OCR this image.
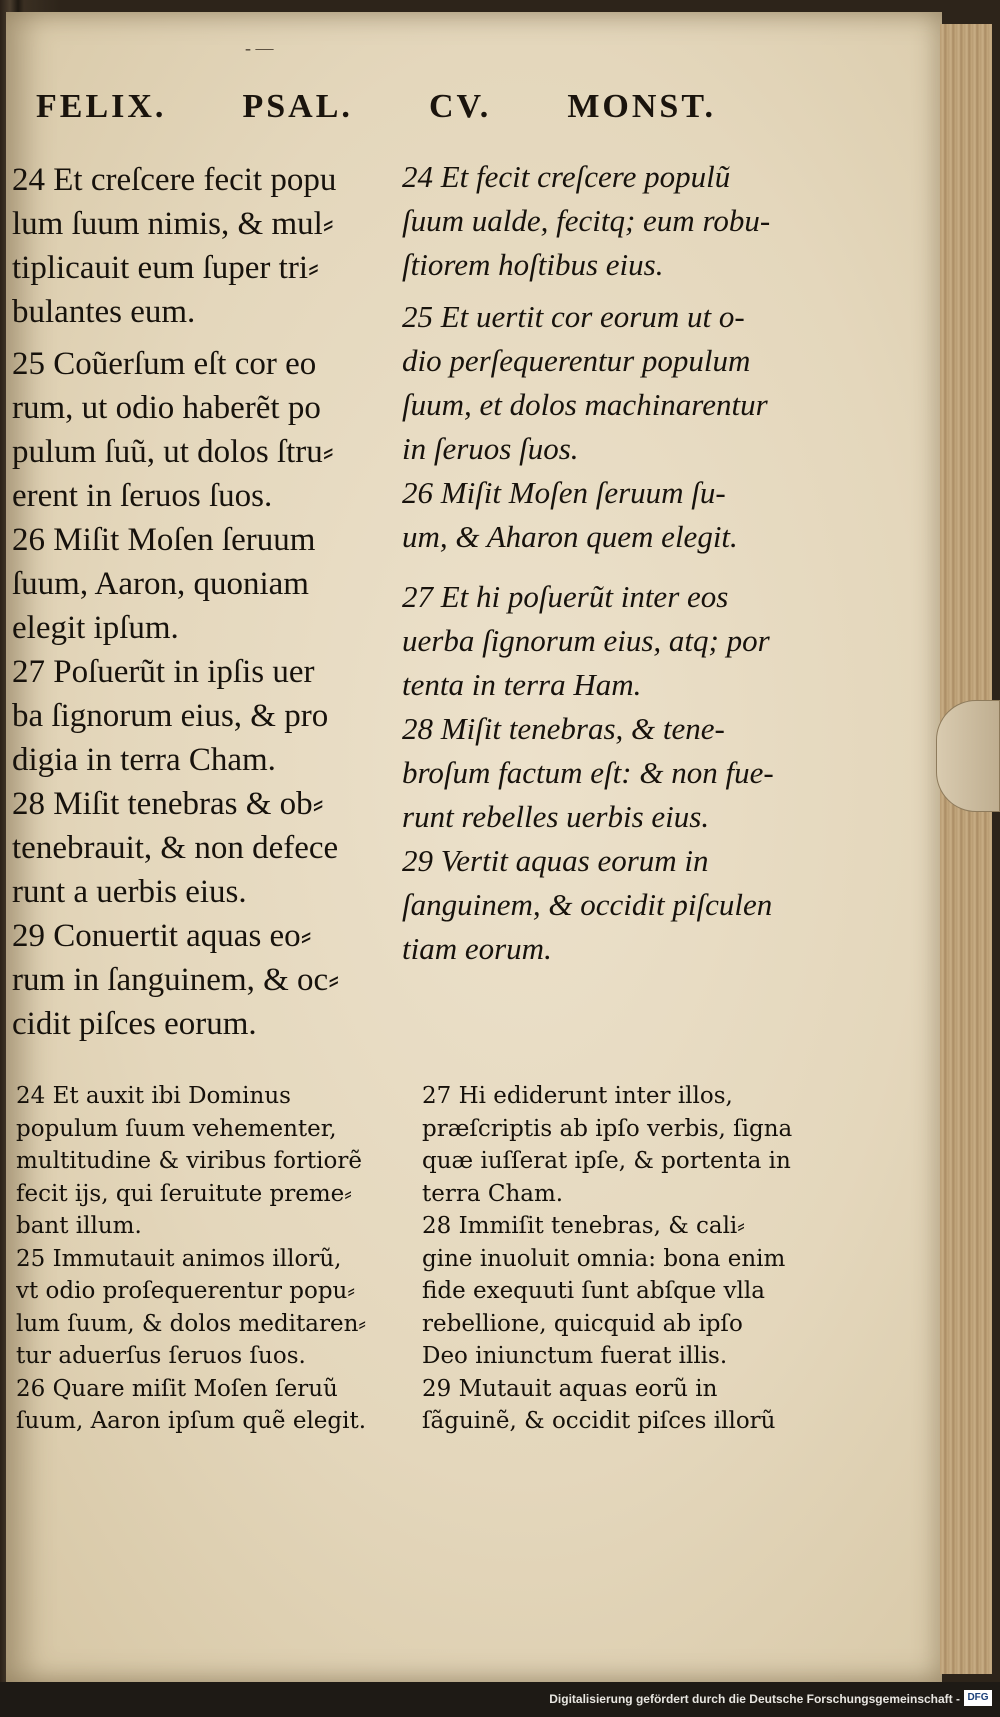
- —
FELIX. PSAL. CV. MONST.
24 Et creſcere fecit popu
lum ſuum nimis, & mul⸗
tiplicauit eum ſuper tri⸗
bulantes eum.
25 Coũerſum eſt cor eo
rum, ut odio haberẽt po
pulum ſuũ, ut dolos ſtru⸗
erent in ſeruos ſuos.
26 Miſit Moſen ſeruum
ſuum, Aaron, quoniam
elegit ipſum.
27 Poſuerũt in ipſis uer
ba ſignorum eius, & pro
digia in terra Cham.
28 Miſit tenebras & ob⸗
tenebrauit, & non defece
runt a uerbis eius.
29 Conuertit aquas eo⸗
rum in ſanguinem, & oc⸗
cidit piſces eorum.
24 Et fecit creſcere populũ
ſuum ualde, fecitq; eum robu-
ſtiorem hoſtibus eius.
25 Et uertit cor eorum ut o-
dio perſequerentur populum
ſuum, et dolos machinarentur
in ſeruos ſuos.
26 Miſit Moſen ſeruum ſu-
um, & Aharon quem elegit.
27 Et hi poſuerũt inter eos
uerba ſignorum eius, atq; por
tenta in terra Ham.
28 Miſit tenebras, & tene-
broſum factum eſt: & non fue-
runt rebelles uerbis eius.
29 Vertit aquas eorum in
ſanguinem, & occidit piſculen
tiam eorum.
24 Et auxit ibi Dominus
populum ſuum vehementer,
multitudine & viribus fortiorẽ
fecit ijs, qui ſeruitute preme⸗
bant illum.
25 Immutauit animos illorũ,
vt odio proſequerentur popu⸗
lum ſuum, & dolos meditaren⸗
tur aduerſus ſeruos ſuos.
26 Quare miſit Moſen ſeruũ
ſuum, Aaron ipſum quẽ elegit.
27 Hi ediderunt inter illos,
præſcriptis ab ipſo verbis, ſigna
quæ iuſſerat ipſe, & portenta in
terra Cham.
28 Immiſit tenebras, & cali⸗
gine inuoluit omnia: bona enim
fide exequuti ſunt abſque vlla
rebellione, quicquid ab ipſo
Deo iniunctum fuerat illis.
29 Mutauit aquas eorũ in
ſãguinẽ, & occidit piſces illorũ
Digitalisierung gefördert durch die Deutsche Forschungsgemeinschaft - DFG
